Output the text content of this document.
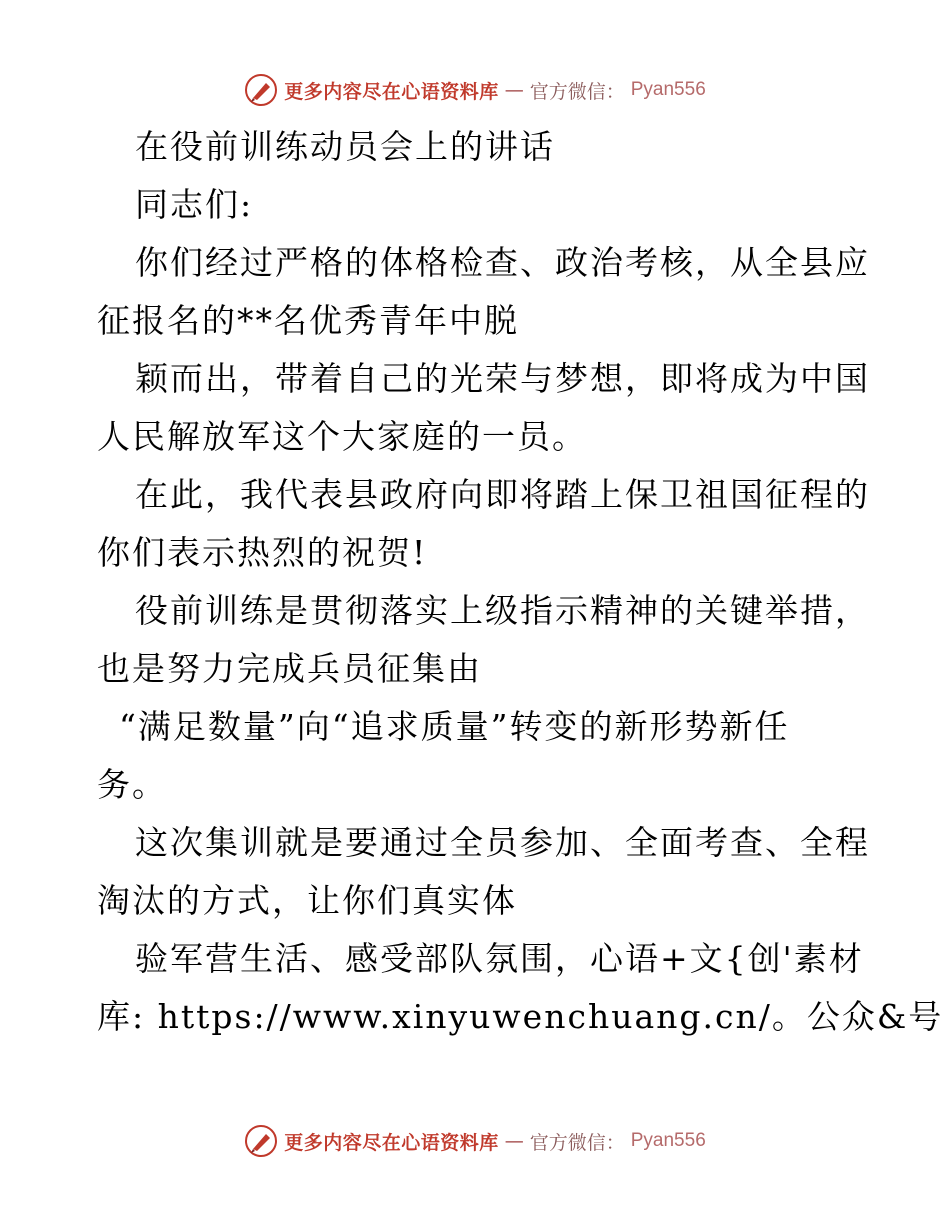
更多内容尽在心语资料库 — 官方微信： Pyan556
在役前训练动员会上的讲话
同志们:
你们经过严格的体格检查、政治考核，从全县应
征报名的**名优秀青年中脱
颖而出，带着自己的光荣与梦想，即将成为中国
人民解放军这个大家庭的一员。
在此，我代表县政府向即将踏上保卫祖国征程的
你们表示热烈的祝贺!
役前训练是贯彻落实上级指示精神的关键举措，
也是努力完成兵员征集由
“满足数量”向“追求质量”转变的新形势新任
务。
这次集训就是要通过全员参加、全面考查、全程
淘汰的方式，让你们真实体
验军营生活、感受部队氛围，心语+文{创'素材
库: https://www.xinyuwenchuang.cn/。公众&号
更多内容尽在心语资料库 — 官方微信： Pyan556
